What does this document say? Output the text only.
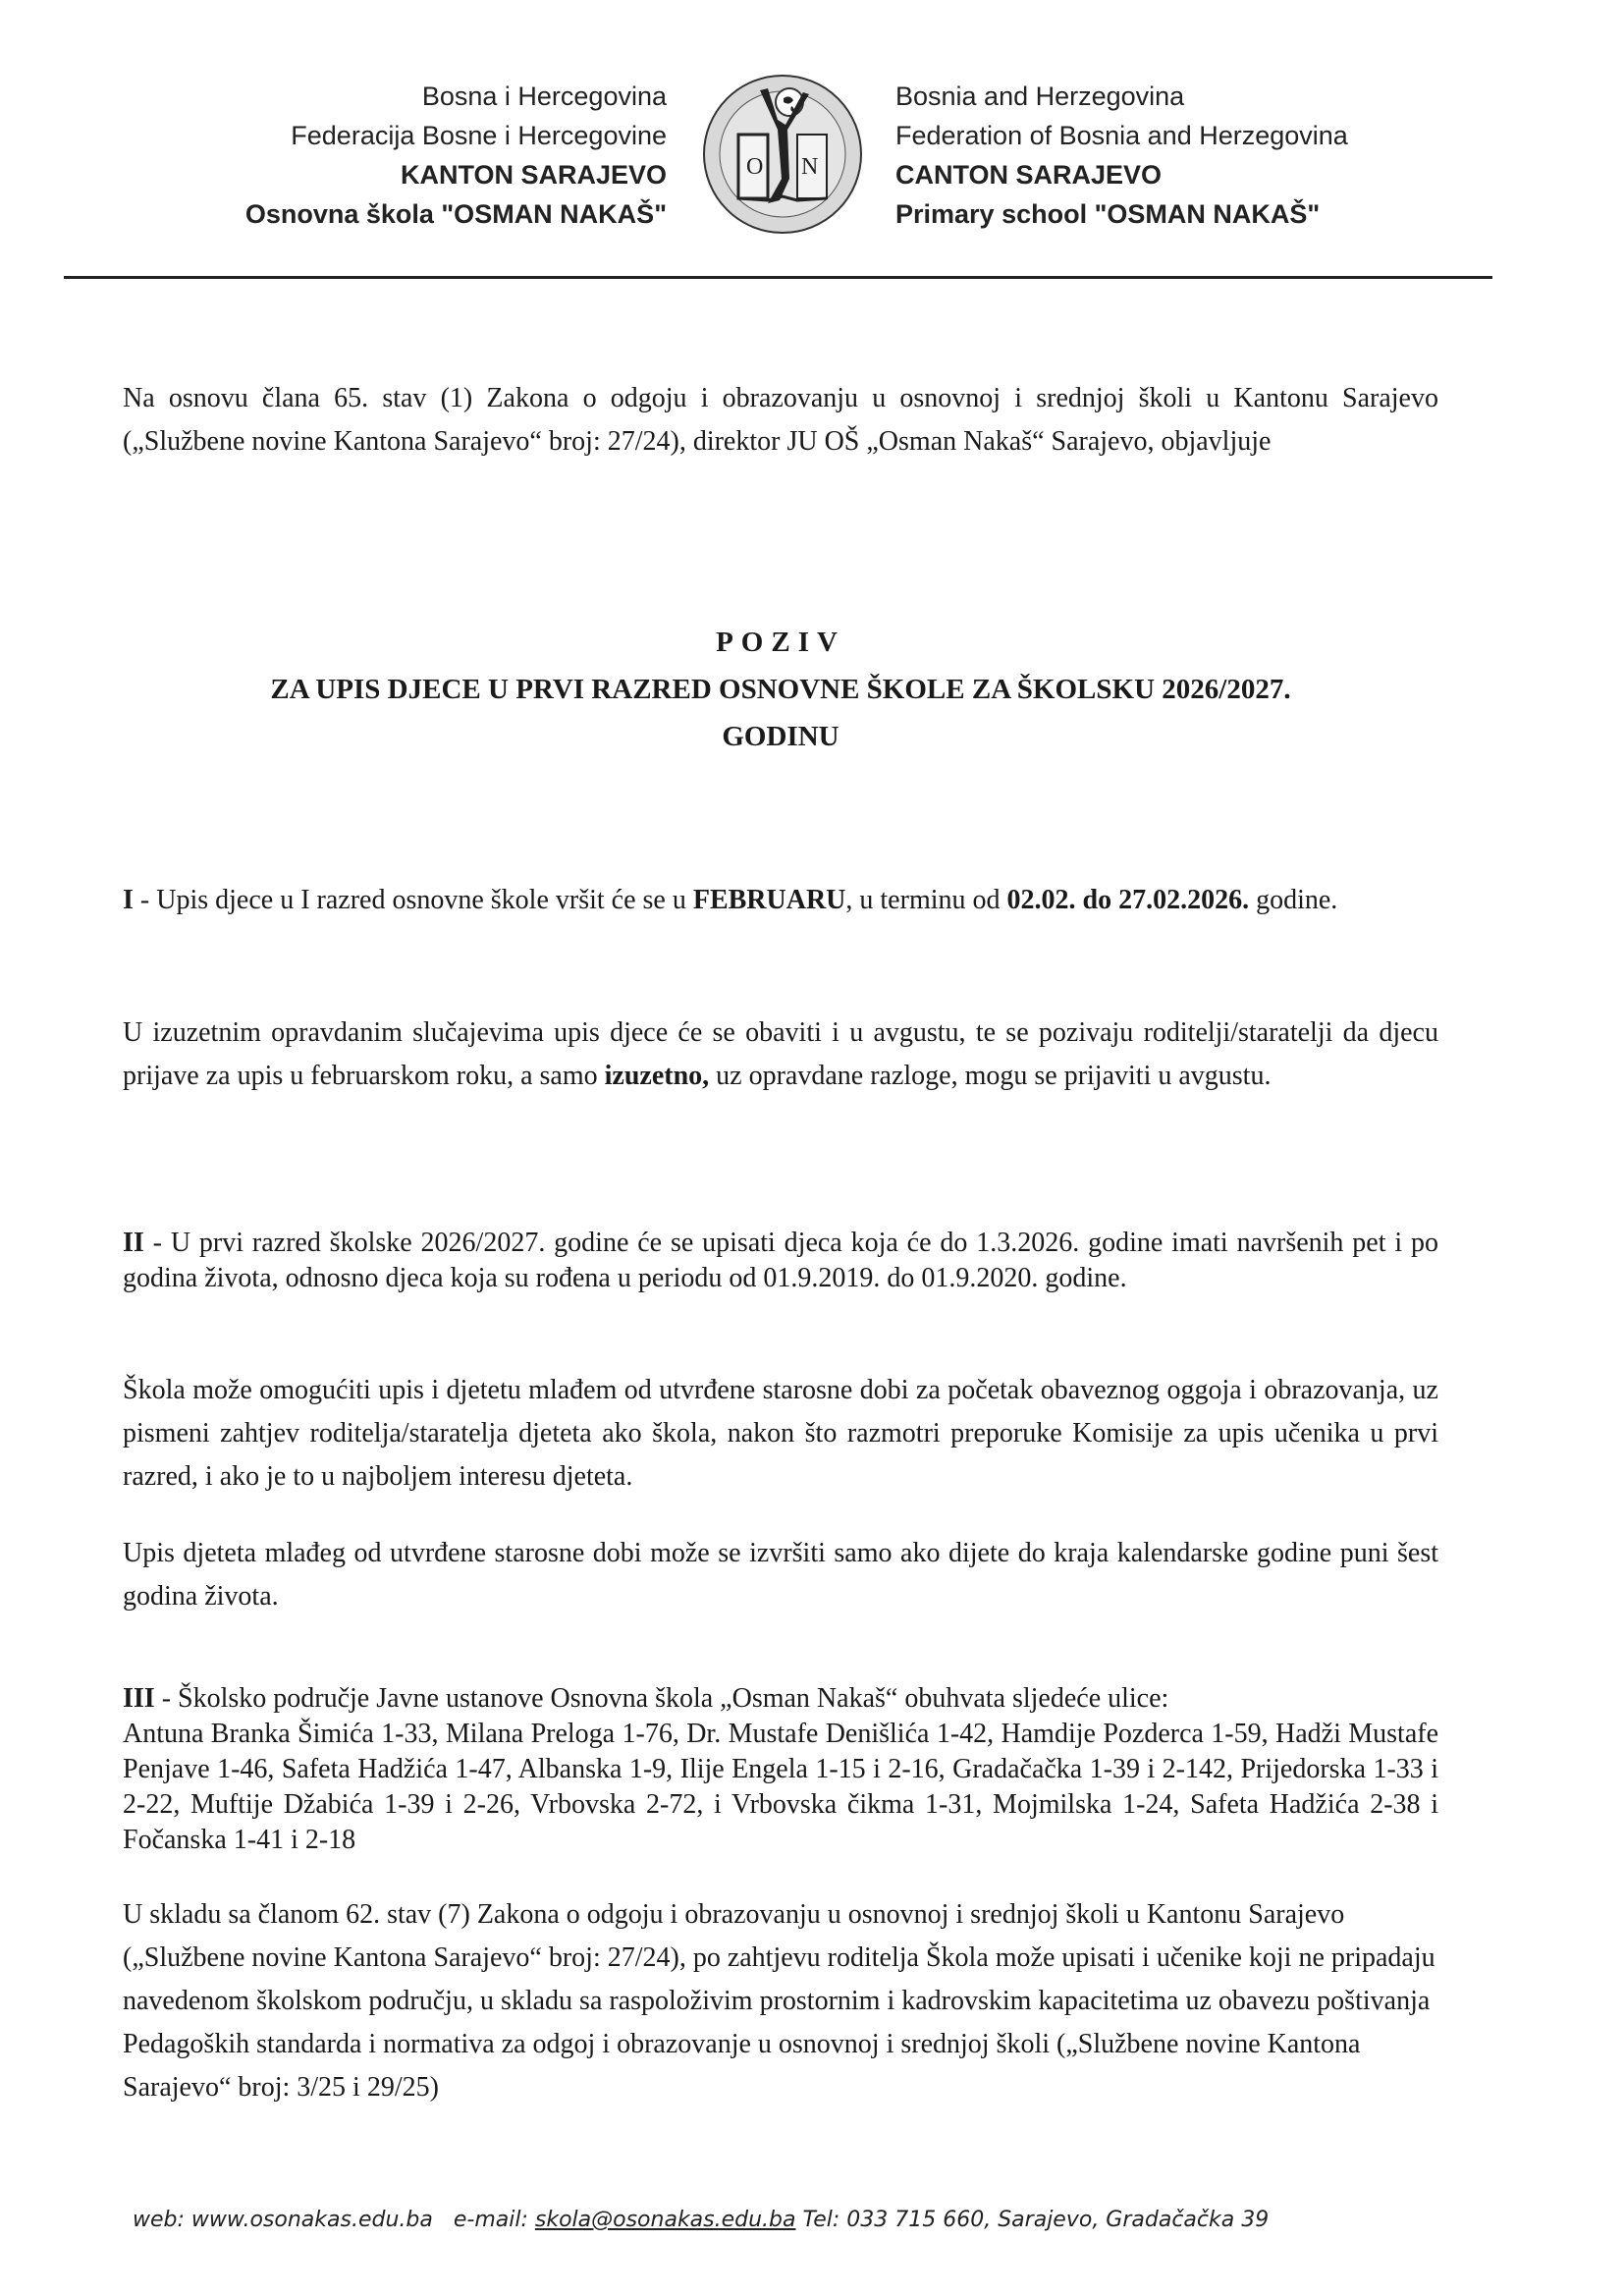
Bosna i Hercegovina
Federacija Bosne i Hercegovine
KANTON SARAJEVO
Osnovna škola "OSMAN NAKAŠ"
O N
Bosnia and Herzegovina
Federation of Bosnia and Herzegovina
CANTON SARAJEVO
Primary school "OSMAN NAKAŠ"
Na osnovu člana 65. stav (1) Zakona o odgoju i obrazovanju u osnovnoj i srednjoj školi u Kantonu Sarajevo („Službene novine Kantona Sarajevo“ broj: 27/24), direktor JU OŠ „Osman Nakaš“ Sarajevo, objavljuje
POZIV
ZA UPIS DJECE U PRVI RAZRED OSNOVNE ŠKOLE ZA ŠKOLSKU 2026/2027.
GODINU
I - Upis djece u I razred osnovne škole vršit će se u FEBRUARU, u terminu od 02.02. do 27.02.2026. godine.
U izuzetnim opravdanim slučajevima upis djece će se obaviti i u avgustu, te se pozivaju roditelji/staratelji da djecu prijave za upis u februarskom roku, a samo izuzetno, uz opravdane razloge, mogu se prijaviti u avgustu.
II - U prvi razred školske 2026/2027. godine će se upisati djeca koja će do 1.3.2026. godine imati navršenih pet i po godina života, odnosno djeca koja su rođena u periodu od 01.9.2019. do 01.9.2020. godine.
Škola može omogućiti upis i djetetu mlađem od utvrđene starosne dobi za početak obaveznog oggoja i obrazovanja, uz pismeni zahtjev roditelja/staratelja djeteta ako škola, nakon što razmotri preporuke Komisije za upis učenika u prvi razred, i ako je to u najboljem interesu djeteta.
Upis djeteta mlađeg od utvrđene starosne dobi može se izvršiti samo ako dijete do kraja kalendarske godine puni šest godina života.
III - Školsko područje Javne ustanove Osnovna škola „Osman Nakaš“ obuhvata sljedeće ulice:
Antuna Branka Šimića 1-33, Milana Preloga 1-76, Dr. Mustafe Denišlića 1-42, Hamdije Pozderca 1-59, Hadži Mustafe Penjave 1-46, Safeta Hadžića 1-47, Albanska 1-9, Ilije Engela 1-15 i 2-16, Gradačačka 1-39 i 2-142, Prijedorska 1-33 i 2-22, Muftije Džabića 1-39 i 2-26, Vrbovska 2-72, i Vrbovska čikma 1-31, Mojmilska 1-24, Safeta Hadžića 2-38 i Fočanska 1-41 i 2-18
U skladu sa članom 62. stav (7) Zakona o odgoju i obrazovanju u osnovnoj i srednjoj školi u Kantonu Sarajevo („Službene novine Kantona Sarajevo“ broj: 27/24), po zahtjevu roditelja Škola može upisati i učenike koji ne pripadaju navedenom školskom području, u skladu sa raspoloživim prostornim i kadrovskim kapacitetima uz obavezu poštivanja Pedagoških standarda i normativa za odgoj i obrazovanje u osnovnoj i srednjoj školi („Službene novine Kantona Sarajevo“ broj: 3/25 i 29/25)
web: www.osonakas.edu.ba e-mail: skola@osonakas.edu.ba Tel: 033 715 660, Sarajevo, Gradačačka 39
